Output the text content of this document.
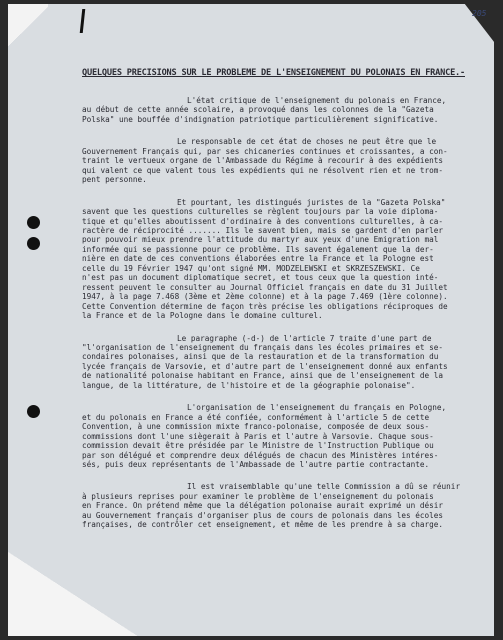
205
QUELQUES PRECISIONS SUR LE PROBLEME DE L'ENSEIGNEMENT DU POLONAIS EN FRANCE.-
L'état critique de l'enseignement du polonais en France,
au début de cette année scolaire, a provoqué dans les colonnes de la "Gazeta
Polska" une bouffée d'indignation patriotique particulièrement significative.
Le responsable de cet état de choses ne peut être que le
Gouvernement Français qui, par ses chicaneries continues et croissantes, a con-
traint le vertueux organe de l'Ambassade du Régime à recourir à des expédients
qui valent ce que valent tous les expédients qui ne résolvent rien et ne trom-
pent personne.
Et pourtant, les distingués juristes de la "Gazeta Polska"
savent que les questions culturelles se règlent toujours par la voie diploma-
tique et qu'elles aboutissent d'ordinaire à des conventions culturelles, à ca-
ractère de réciprocité ....... Ils le savent bien, mais se gardent d'en parler
pour pouvoir mieux prendre l'attitude du martyr aux yeux d'une Emigration mal
informée qui se passionne pour ce problème. Ils savent également que la der-
nière en date de ces conventions élaborées entre la France et la Pologne est
celle du 19 Février 1947 qu'ont signé MM. MODZELEWSKI et SKRZESZEWSKI. Ce
n'est pas un document diplomatique secret, et tous ceux que la question inté-
ressent peuvent le consulter au Journal Officiel français en date du 31 Juillet
1947, à la page 7.468 (3ème et 2ème colonne) et à la page 7.469 (1ère colonne).
Cette Convention détermine de façon très précise les obligations réciproques de
la France et de la Pologne dans le domaine culturel.
Le paragraphe (-d-) de l'article 7 traite d'une part de
"l'organisation de l'enseignement du français dans les écoles primaires et se-
condaires polonaises, ainsi que de la restauration et de la transformation du
lycée français de Varsovie, et d'autre part de l'enseignement donné aux enfants
de nationalité polonaise habitant en France, ainsi que de l'enseignement de la
langue, de la littérature, de l'histoire et de la géographie polonaise".
L'organisation de l'enseignement du français en Pologne,
et du polonais en France a été confiée, conformément à l'article 5 de cette
Convention, à une commission mixte franco-polonaise, composée de deux sous-
commissions dont l'une siègerait à Paris et l'autre à Varsovie. Chaque sous-
commission devait être présidée par le Ministre de l'Instruction Publique ou
par son délégué et comprendre deux délégués de chacun des Ministères intéres-
sés, puis deux représentants de l'Ambassade de l'autre partie contractante.
Il est vraisemblable qu'une telle Commission a dû se réunir
à plusieurs reprises pour examiner le problème de l'enseignement du polonais
en France. On prétend même que la délégation polonaise aurait exprimé un désir
au Gouvernement français d'organiser plus de cours de polonais dans les écoles
françaises, de contrôler cet enseignement, et même de les prendre à sa charge.
